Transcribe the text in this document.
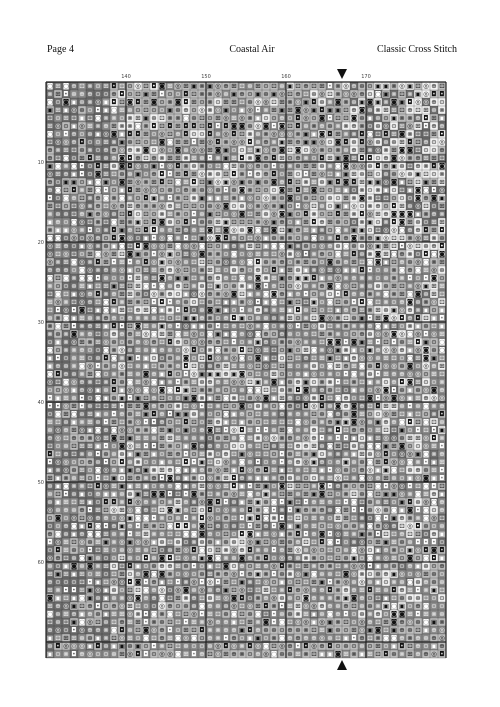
Page 4	Coastal Air	Classic Cross Stitch
◙ ⊞ ◙ ⊕ ⊡ ⊗ ⊙ ⊞ ◘ ⊡ ⊙ ◎ ⊡ ◘ ◙ ⊞ ◎ ⊞ ▣ ⊗ ▣ ◎ ⊕ ⊞ ⊡ ⊛ ⊞ ⊙ ⊡ ⊛ ▣ ⊡ ⊕ ⊡ ⊞ ◘ ⊗ ◎ ⊕ ⊛ ⊙ ▣ ▣ ⊗ ◎ ▣ ⊡ ◎ ⊕ ⊡
⊗ ⊞ ◘ ⊛ ⊕ ⊕ ⊙ ⊙ ⊕ ◘ ⊙ ⊡ ▣ ⊞ ◘ ⊙ ⊙ ◘ ⊡ ⊗ ⊗ ◎ ⊛ ▣ ⊕ ⊙ ▣ ⊛ ▣ ◎ ⊡ ⊕ ⊡ ⊛ ◎ ⊡ ⊗ ◎ ◎ ⊕ ⊙ ◙ ▣ ⊗ ⊡ ⊗ ▣ ◎ ◘ ◘
◙ ⊙ ◙ ▣ ⊛ ⊗ ◎ ▣ ◘ ⊡ ◙ ◘ ⊞ ◙ ⊙ ⊗ ◙ ◘ ⊞ ⊙ ⊗ ⊙ ⊞ ⊞ ⊡ ⊛ ◎ ◎ ⊡ ⊞ ⊗ ◎ ▣ ◘ ⊛ ⊗ ◙ ⊗ ⊛ ▣ ◙ ▣ ⊗ ◙ ▣ ◘ ◎ ◎ ⊕ ⊙
▣ ⊞ ▣ ◎ ⊛ ⊙ ◘ ▣ ◙ ⊞ ⊛ ⊙ ⊡ ⊙ ⊙ ▣ ⊛ ⊕ ⊙ ◎ ⊗ ◎ ▣ ⊙ ▣ ◎ ◘ ⊗ ⊞ ▣ ⊞ ◙ ◎ ▣ ◘ ▣ ▣ ⊡ ⊕ ◙ ⊛ ⊗ ⊞ ⊞ ⊡ ⊕ ⊡ ⊞ ⊛ ⊗
⊡ ⊙ ⊞ ⊡ ▣ ⊡ ◙ ⊗ ⊗ ⊙ ⊗ ⊞ ▣ ⊛ ⊡ ⊗ ⊗ ◙ ⊛ ⊡ ⊙ ⊞ ◎ ⊞ ◎ ⊗ ▣ ⊙ ⊙ ⊕ ⊙ ◘ ◎ ⊙ ◙ ◘ ⊡ ⊡ ◙ ⊛ ▣ ⊛ ⊙ ▣ ⊗ ⊗ ⊕ ◘ ⊞ ▣
⊞ ◎ ⊙ ▣ ◎ ⊞ ⊗ ⊕ ⊞ ⊗ ⊗ ◙ ⊗ ◘ ⊡ ◘ ⊞ ◘ ◘ ⊡ ◘ ◘ ◘ ◙ ◙ ⊛ ◎ ◙ ◘ ◙ ⊡ ◘ ⊛ ⊗ ⊕ ⊛ ⊗ ⊗ ⊕ ⊗ ⊙ ⊛ ◎ ⊙ ⊞ ◎ ⊞ ◘ ⊕ ⊕
◙ ⊙ ◘ ⊕ ⊙ ⊛ ▣ ◎ ◙ ▣ ◘ ◘ ⊞ ⊙ ◎ ⊡ ⊕ ◘ ⊙ ⊙ ◘ ⊛ ◎ ◘ ⊡ ⊗ ⊛ ⊗ ◎ ◎ ◎ ⊗ ▣ ▣ ◙ ◘ ⊞ ⊗ ⊗ ◘ ◙ ⊡ ◘ ⊞ ◙ ⊗ ⊡ ⊡ ⊞ ◘
⊡ ◎ ◎ ⊕ ◘ ⊙ ⊙ ⊞ ⊗ ▣ ⊛ ⊡ ⊙ ⊡ ◙ ◙ ⊞ ⊞ ◘ ⊞ ◎ ◘ ⊗ ◎ ◎ ◘ ⊛ ⊕ ⊗ ▣ ⊞ ⊕ ▣ ▣ ◎ ⊙ ◙ ◘ ⊛ ◘ ◎ ⊛ ⊛ ⊛ ⊞ ◘ ⊡ ⊕ ⊙ ◎
⊕ ⊗ ⊞ ⊡ ⊛ ⊗ ⊙ ⊕ ⊕ ◎ ⊕ ⊗ ◙ ⊙ ◎ ⊙ ◙ ⊛ ◎ ◎ ⊞ ◙ ▣ ⊙ ⊙ ⊞ ▣ ◎ ⊕ ◙ ⊡ ◙ ⊙ ◎ ⊗ ⊙ ⊗ ⊛ ⊕ ⊞ ⊗ ◎ ⊗ ⊞ ◙ ◙ ⊡ ⊙ ⊙ ⊕
⊕ ⊡ ◙ ⊙ ⊞ ◘ ⊞ ⊛ ⊕ ◙ ◘ ⊕ ⊡ ⊕ ⊗ ⊞ ⊞ ⊗ ⊞ ⊛ ◘ ⊗ ▣ ⊞ ◘ ⊗ ◙ ⊕ ◘ ⊞ ⊙ ⊕ ⊗ ⊙ ◘ ⊞ ▣ ◙ ⊞ ◘ ◘ ⊙ ⊕ ◙ ◎ ⊗ ⊕ ⊞ ⊞ ⊡
▣ ◙ ⊗ ◙ ◘ ⊙ ◘ ⊞ ⊛ ◙ ◘ ◎ ⊙ ▣ ◘ ◎ ◘ ⊗ ⊛ ⊗ ⊙ ⊡ ◙ ⊞ ⊛ ◎ ⊕ ⊛ ◘ ⊙ ⊗ ⊛ ⊞ ⊞ ⊛ ⊗ ◙ ◙ ◎ ◎ ⊛ ◘ ⊕ ▣ ⊛ ⊡ ⊕ ⊗ ◘ ◙
◎ ⊞ ⊕ ▣ ◘ ⊙ ◙ ⊞ ⊡ ⊛ ⊛ ▣ ⊙ ⊕ ◘ ◘ ⊞ ◘ ⊞ ◎ ⊗ ⊛ ⊡ ◘ ⊗ ◘ ⊕ ⊕ ◘ ⊙ ⊞ ⊙ ◘ ⊞ ◎ ⊡ ▣ ▣ ⊞ ⊛ ⊡ ⊙ ⊛ ⊛ ◎ ⊛ ▣ ⊡ ⊙ ⊗
⊕ ⊙ ▣ ▣ ⊙ ▣ ◙ ▣ ⊙ ◙ ⊞ ◎ ⊗ ⊞ ◘ ⊡ ◙ ⊞ ◘ ⊡ ▣ ◎ ▣ ◎ ▣ ⊛ ▣ ⊛ ◙ ⊕ ◘ ⊡ ⊗ ⊞ ⊛ ▣ ◘ ◙ ◘ ⊞ ▣ ▣ ◎ ◙ ▣ ⊡ ⊡ ▣ ⊞ ⊞
⊕ ◙ ⊡ ◘ ⊗ ⊞ ◙ ◘ ⊙ ▣ ◘ ⊞ ◎ ◎ ⊙ ⊛ ⊙ ⊕ ⊗ ⊛ ◎ ⊛ ◘ ⊛ ◙ ⊗ ⊡ ⊙ ⊙ ◙ ⊞ ◘ ⊞ ◙ ⊡ ⊙ ⊞ ▣ ⊙ ⊗ ⊙ ⊗ ▣ ⊙ ⊡ ▣ ◙ ◙ ◘ ◎
◘ ⊙ ◙ ⊕ ⊡ ⊗ ⊕ ◙ ⊗ ◙ ⊗ ⊙ ◘ ▣ ⊗ ◘ ⊗ ⊡ ⊗ ▣ ▣ ▣ ⊞ ⊗ ▣ ◎ ⊙ ◎ ⊗ ⊛ ◙ ⊙ ⊛ ⊡ ⊙ ⊛ ⊙ ⊞ ⊗ ◙ ⊗ ⊡ ⊡ ⊙ ⊙ ⊙ ◙ ⊕ ◙ ▣
⊞ ⊡ ⊙ ⊡ ◎ ⊗ ⊕ ⊡ ◎ ⊕ ⊞ ⊕ ⊗ ⊗ ◎ ⊕ ⊞ ⊡ ⊡ ⊙ ⊛ ◎ ◙ ⊙ ⊛ ◎ ⊗ ◎ ⊗ ▣ ⊙ ◘ ◎ ⊡ ⊛ ⊙ ▣ ▣ ◎ ⊙ ⊗ ⊕ ⊙ ◘ ⊞ ⊛ ◎ ⊡ ⊙ ⊞
⊗ ⊛ ⊛ ⊡ ⊕ ▣ ⊕ ◎ ⊛ ⊡ ◘ ⊙ ⊡ ⊙ ⊗ ⊞ ⊗ ⊙ ◘ ⊛ ▣ ⊡ ⊙ ◎ ◙ ⊡ ⊞ ⊛ ◎ ◙ ▣ ⊙ ◘ ⊗ ⊙ ⊡ ◘ ⊞ ⊗ ◘ ◎ ⊞ ⊕ ◙ ◙ ◙ ▣ ⊗ ⊕ ⊗
▣ ⊕ ⊙ ◙ ◎ ⊡ ⊗ ⊡ ◙ ⊞ ⊗ ▣ ⊡ ◘ ◙ ⊛ ⊙ ◘ ◘ ⊛ ⊛ ⊞ ▣ ⊡ ⊡ ⊡ ⊗ ◎ ▣ ⊕ ⊙ ▣ ⊞ ◘ ⊕ ⊞ ⊛ ⊙ ⊙ ⊗ ▣ ⊙ ⊗ ◘ ◙ ⊞ ⊛ ⊙ ⊞ ⊞
⊗ ▣ ▣ ◎ ⊗ ◘ ⊙ ⊗ ◘ ▣ ⊕ ⊡ ◘ ◘ ⊛ ⊕ ⊞ ⊕ ⊕ ⊞ ◙ ⊞ ◙ ◎ ⊛ ◙ ◙ ⊞ ◙ ⊡ ▣ ⊕ ⊞ ▣ ⊗ ⊙ ◙ ⊗ ▣ ▣ ⊙ ⊡ ◎ ◎ ◙ ⊕ ⊕ ◘ ⊞ ◘
◙ ◙ ⊙ ◎ ⊙ ◎ ⊕ ⊙ ◘ ◙ ◎ ⊙ ▣ ◘ ◎ ◙ ⊗ ◘ ⊡ ▣ ◎ ◙ ◘ ⊕ ⊙ ⊡ ◎ ▣ ⊛ ⊗ ⊗ ⊙ ⊛ ◙ ⊙ ⊗ ◘ ⊕ ◙ ⊗ ⊕ ▣ ◎ ⊡ ⊡ ⊗ ◎ ⊞ ⊗ ⊛
◎ ⊞ ⊕ ⊙ ▣ ◎ ⊗ ⊛ ▣ ◙ ⊡ ◘ ◙ ◎ ◎ ⊞ ◙ ◎ ◎ ◙ ⊡ ⊙ ▣ ⊕ ⊗ ⊞ ⊡ ▣ ◙ ◙ ▣ ⊗ ⊛ ⊙ ◎ ⊕ ⊛ ◙ ⊛ ⊛ ◎ ▣ ⊞ ⊡ ◘ ◎ ⊡ ⊛ ⊕ ◘
◎ ⊡ ◎ ⊡ ⊙ ⊞ ◙ ◎ ⊞ ⊡ ◙ ▣ ⊛ ◘ ◎ ▣ ⊙ ⊞ ◎ ◙ ⊗ ⊗ ⊙ ◙ ⊙ ◎ ⊞ ⊞ ⊡ ◎ ⊗ ◎ ◘ ⊗ ⊕ ⊙ ◙ ⊞ ◘ ⊛ ⊗ ◙ ⊞ ◙ ⊕ ⊗ ⊙ ◘ ◙ ◙
◎ ⊗ ⊞ ◙ ◎ ⊗ ◘ ⊞ ◘ ⊞ ◘ ⊕ ◘ ◎ ▣ ⊙ ◎ ⊛ ⊡ ⊡ ⊡ ⊛ ◎ ⊕ ◎ ◙ ◘ ⊛ ⊗ ⊕ ⊙ ⊗ ⊞ ⊛ ⊙ ◙ ⊛ ⊕ ⊞ ⊡ ◙ ◙ ▣ ⊡ ⊕ ⊛ ◎ ◙ ⊗ ⊞
⊕ ⊕ ⊕ ⊙ ◙ ◎ ⊗ ⊕ ⊕ ◎ ▣ ⊙ ⊞ ⊞ ⊕ ⊕ ◎ ⊡ ⊙ ⊗ ⊞ ⊞ ⊙ ⊛ ⊕ ⊙ ⊕ ⊙ ◘ ▣ ⊞ ⊛ ▣ ⊗ ◎ ⊞ ◎ ▣ ▣ ◘ ◘ ⊙ ⊛ ⊗ ◙ ⊕ ◙ ⊞ ◎ ⊛
◙ ⊡ ◙ ⊗ ◙ ◙ ◘ ⊛ ⊙ ⊙ ◘ ⊞ ⊕ ⊞ ◙ ⊕ ▣ ▣ ⊡ ⊗ ⊕ ⊕ ⊕ ⊡ ◙ ⊕ ◙ ⊗ ⊞ ▣ ⊕ ▣ ▣ ◘ ▣ ⊛ ◎ ⊗ ⊕ ⊗ ⊗ ⊙ ⊛ ⊗ ⊗ ◘ ⊙ ◘ ◙ ⊙
⊗ ⊙ ⊙ ⊛ ⊞ ▣ ⊡ ⊞ ▣ ⊞ ⊡ ⊞ ◙ ◘ ◙ ⊛ ⊕ ⊡ ⊗ ⊛ ⊡ ▣ ⊙ ⊛ ⊗ ▣ ◙ ◘ ⊕ ⊡ ⊙ ◎ ⊛ ⊗ ⊕ ◙ ◙ ◎ ⊡ ⊗ ⊛ ⊛ ⊛ ⊞ ⊡ ⊗ ◎ ▣ ⊞ ⊞
⊡ ◙ ⊡ ▣ ◎ ⊕ ◘ ⊗ ⊕ ⊞ ⊞ ⊛ ⊙ ◎ ⊗ ⊕ ⊙ ▣ ◎ ◎ ⊕ ⊗ ◎ ◙ ⊡ ▣ ⊗ ◙ ◙ ⊕ ▣ ⊕ ◘ ⊙ ⊛ ⊙ ◘ ◘ ⊕ ⊕ ⊗ ⊗ ◙ ⊗ ⊞ ◙ ◙ ⊛ ⊞ ⊡
⊞ ◎ ⊗ ⊡ ◎ ⊕ ⊡ ◙ ◘ ⊗ ⊞ ⊗ ⊡ ◘ ◘ ◘ ⊕ ⊛ ⊙ ⊡ ⊛ ⊡ ▣ ▣ ⊗ ◎ ◘ ▣ ◙ ⊡ ▣ ⊡ ⊡ ▣ ⊙ ◙ ⊡ ⊛ ◘ ◘ ◙ ⊡ ⊗ ⊙ ⊕ ◙ ⊛ ⊗ ◎ ⊡
⊡ ◘ ◎ ◘ ◙ ⊡ ▣ ◙ ▣ ⊞ ⊡ ⊕ ⊞ ◙ ▣ ⊗ ◘ ◘ ⊙ ⊛ ◙ ▣ ▣ ⊙ ◘ ⊛ ⊕ ⊗ ⊗ ⊞ ▣ ◘ ⊛ ⊡ ⊙ ⊡ ▣ ⊕ ⊕ ⊞ ⊗ ⊞ ⊛ ▣ ◎ ⊕ ⊗ ▣ ⊙ ▣
⊛ ⊗ ◙ ▣ ⊞ ⊛ ⊗ ⊕ ⊕ ⊙ ⊕ ⊗ ⊗ ⊛ ⊡ ⊙ ⊡ ▣ ▣ ⊕ ⊗ ⊙ ⊕ ◘ ▣ ⊙ ⊛ ⊛ ⊛ ⊗ ⊞ ⊙ ⊗ ⊡ ◙ ◎ ⊗ ⊡ ⊛ ▣ ◘ ⊞ ◙ ◎ ◘ ⊕ ◘ ⊡ ▣ ◘
⊗ ◙ ⊞ ◘ ⊗ ⊕ ⊞ ▣ ◘ ◘ ⊡ ◙ ⊞ ⊛ ▣ ⊕ ◘ ◎ ▣ ▣ ⊛ ◘ ⊡ ⊕ ⊡ ◎ ⊗ ◙ ⊙ ⊗ ◎ ◘ ⊞ ◎ ⊛ ⊡ ⊗ ⊗ ⊗ ⊗ ⊕ ◙ ▣ ⊞ ⊙ ⊗ ▣ ⊛ ⊡ ▣
⊗ ⊛ ⊗ ◙ ⊗ ⊕ ⊡ ⊙ ⊕ ⊕ ⊕ ⊞ ◎ ◙ ⊞ ⊞ ◙ ⊞ ◎ ⊙ ◙ ▣ ▣ ◙ ⊕ ◎ ◙ ⊕ ⊙ ⊕ ⊛ ⊙ ⊕ ⊡ ⊞ ⊗ ⊗ ⊙ ⊙ ⊕ ⊛ ◎ ◎ ◙ ◎ ◙ ◎ ◘ ◎ ⊞
⊙ ▣ ⊗ ◎ ⊞ ⊗ ⊞ ◎ ⊛ ⊙ ⊛ ⊕ ◎ ⊕ ⊡ ◘ ⊕ ⊙ ◎ ◎ ⊕ ⊕ ⊡ ◘ ⊙ ⊗ ▣ ⊕ ⊙ ⊗ ⊛ ◎ ⊗ ⊗ ⊡ ◙ ◙ ◘ ◙ ▣ ⊞ ◘ ⊡ ◘ ⊛ ⊞ ◘ ▣ ⊙ ◙
◙ ⊙ ⊗ ⊗ ⊕ ⊙ ⊙ ◙ ⊗ ◎ ⊛ ⊞ ⊛ ▣ ⊕ ⊛ ⊙ ◎ ◘ ⊙ ⊗ ◙ ⊗ ⊛ ◘ ⊡ ◎ ⊞ ⊡ ⊙ ▣ ⊙ ⊞ ◙ ⊗ ◎ ▣ ⊗ ▣ ⊙ ▣ ⊕ ◎ ◎ ⊕ ▣ ◎ ◙ ⊛ ◙
▣ ◘ ⊙ ⊛ ⊞ ⊙ ⊛ ◘ ◙ ⊗ ▣ ◘ ▣ ⊙ ⊙ ⊛ ⊛ ◙ ⊙ ⊡ ◘ ◎ ⊗ ◎ ◙ ⊙ ◙ ▣ ⊡ ⊙ ⊡ ⊡ ⊕ ⊡ ⊞ ▣ ⊡ ▣ ⊕ ◎ ◎ ⊛ ⊞ ⊡ ⊙ ◙ ⊞ ◙ ▣ ⊡
▣ ⊕ ⊛ ⊗ ◙ ◎ ◘ ⊛ ⊕ ◎ ⊡ ⊛ ▣ ⊡ ⊛ ⊗ ⊕ ◘ ⊡ ⊙ ⊛ ⊕ ⊞ ⊞ ⊞ ◎ ⊡ ◎ ⊡ ⊡ ⊞ ⊙ ⊗ ⊛ ⊙ ◙ ⊞ ⊕ ⊞ ◙ ⊛ ◘ ◎ ◎ ⊛ ◙ ⊙ ◎ ⊕ ⊞
◙ ◘ ⊕ ⊛ ⊗ ⊞ ◙ ⊙ ⊗ ⊗ ⊞ ⊛ ◙ ⊕ ▣ ◘ ⊙ ◘ ◎ ▣ ▣ ▣ ⊕ ▣ ◙ ⊙ ⊡ ⊙ ⊞ ⊙ ⊙ ⊕ ▣ ◎ ⊙ ⊗ ⊙ ◘ ◙ ⊗ ⊛ ◘ ⊞ ⊕ ⊕ ◎ ◎ ⊙ ⊞ ⊡
◎ ⊡ ◙ ◎ ⊕ ⊗ ⊡ ⊗ ◘ ⊛ ◙ ⊞ ◎ ◙ ▣ ⊗ ◘ ⊗ ⊞ ⊛ ⊕ ⊕ ⊞ ◎ ◎ ⊡ ▣ ⊗ ◙ ▣ ⊛ ⊕ ▣ ⊙ ⊗ ⊗ ◘ ⊡ ⊗ ⊡ ▣ ⊗ ⊙ ⊕ ◘ ◙ ⊞ ⊙ ⊙ ⊗
⊙ ⊙ ◎ ▣ ⊕ ◎ ▣ ⊛ ◘ ▣ ◎ ◎ ◙ ◎ ◙ ◙ ◘ ▣ ⊡ ⊗ ⊗ ⊛ ⊙ ⊙ ⊛ ◙ ◙ ⊡ ⊡ ⊛ ⊗ ◘ ◙ ⊛ ⊕ ⊛ ⊡ ⊙ ▣ ⊛ ⊙ ◎ ◙ ◘ ⊛ ▣ ⊛ ◎ ◙ ⊕
◘ ▣ ⊞ ⊛ ◘ ⊙ ◙ ▣ ⊛ ▣ ◘ ▣ ⊡ ⊕ ⊡ ⊙ ⊙ ▣ ◙ ⊗ ▣ ⊞ ◙ ⊗ ⊡ ⊛ ◎ ◙ ▣ ⊞ ⊕ ⊙ ◎ ⊗ ◘ ⊡ ◙ ⊕ ⊙ ⊡ ◙ ◘ ◎ ◙ ◎ ▣ ⊞ ⊕ ◎ ◎
◘ ◘ ◎ ⊞ ◘ ⊛ ⊡ ⊡ ⊞ ◘ ⊞ ⊞ ◙ ⊕ ⊕ ⊙ ⊗ ⊡ ◎ ◘ ⊡ ⊗ ⊡ ⊙ ◙ ⊙ ⊛ ⊗ ⊙ ◙ ⊕ ⊙ ◘ ◎ ◘ ⊛ ◙ ⊕ ◙ ⊕ ⊡ ◘ ⊞ ⊞ ⊛ ◘ ⊛ ◙ ⊗ ⊕
⊙ ◙ ⊞ ◙ ⊛ ⊞ ▣ ⊛ ◘ ⊕ ⊛ ⊞ ▣ ◘ ⊕ ◘ ▣ ▣ ⊛ ⊗ ⊙ ⊙ ◙ ▣ ⊕ ⊙ ⊡ ⊞ ⊗ ⊕ ⊗ ⊕ ⊗ ⊡ ⊛ ◙ ⊕ ⊛ ◙ ⊞ ⊙ ⊙ ◎ ⊞ ⊡ ▣ ⊡ ⊙ ⊗ ◘
⊞ ⊡ ⊛ ▣ ⊗ ⊞ ⊛ ◘ ⊞ ⊡ ⊗ ◎ ◘ ◘ ⊕ ⊙ ⊡ ◘ ⊡ ⊙ ⊞ ⊕ ▣ ⊡ ▣ ⊛ ⊙ ⊡ ⊞ ⊡ ⊡ ◙ ◎ ⊛ ⊗ ⊕ ▣ ▣ ◙ ◎ ⊛ ▣ ⊕ ⊕ ◙ ◘ ⊡ ◙ ⊡ ⊛
⊛ ◎ ⊕ ⊞ ◎ ▣ ◙ ⊕ ◙ ◎ ◎ ⊗ ⊗ ◙ ⊞ ▣ ⊙ ▣ ⊙ ⊕ ◙ ⊞ ◘ ◎ ◘ ⊞ ◘ ◘ ⊛ ⊞ ◙ ⊛ ⊛ ⊕ ⊡ ⊗ ◘ ⊡ ⊕ ⊕ ⊙ ⊞ ⊡ ⊡ ▣ ⊙ ◘ ⊡ ◘ ▣
⊕ ◎ ⊡ ⊕ ⊕ ⊗ ◎ ⊞ ◙ ⊞ ▣ ⊞ ⊞ ⊛ ⊞ ⊞ ⊞ ⊗ ⊛ ⊗ ⊙ ⊛ ⊞ ⊛ ◙ ⊞ ⊗ ◎ ◎ ⊗ ⊕ ⊕ ◎ ⊕ ◘ ⊗ ◘ ◘ ▣ ⊙ ▣ ⊞ ◎ ◎ ⊛ ⊞ ⊞ ◎ ◘ ⊗
⊡ ⊙ ⊛ ⊡ ⊞ ⊞ ▣ ◘ ⊙ ◙ ◎ ⊞ ◘ ◘ ⊞ ⊗ ⊙ ▣ ◙ ⊕ ⊕ ⊕ ⊙ ⊙ ⊙ ⊕ ⊡ ⊡ ⊛ ⊞ ⊡ ⊕ ⊕ ⊞ ⊛ ◙ ⊞ ⊡ ⊛ ⊕ ◙ ◙ ▣ ⊞ ◙ ⊙ ⊙ ◎ ⊞ ◘
◘ ⊡ ⊕ ⊡ ⊗ ⊛ ◘ ⊛ ⊛ ⊛ ▣ ▣ ⊞ ▣ ⊙ ⊞ ⊕ ◘ ⊙ ⊞ ⊗ ⊙ ⊕ ⊡ ▣ ◎ ⊡ ⊡ ⊙ ◘ ⊛ ⊞ ⊗ ▣ ⊙ ⊗ ⊗ ⊗ ▣ ⊞ ⊛ ◎ ◘ ⊙ ◎ ◎ ▣ ◙ ⊗ ⊕
◘ ◎ ◎ ⊙ ⊙ ⊕ ⊛ ◘ ⊙ ◘ ⊛ ⊗ ⊙ ⊙ ▣ ⊛ ⊡ ◘ ◘ ▣ ⊡ ⊙ ◎ ⊗ ◙ ⊛ ◘ ⊙ ⊕ ◘ ⊕ ⊕ ◎ ▣ ⊕ ⊙ ⊕ ▣ ⊛ ⊛ ◙ ⊞ ◘ ◎ ◎ ◙ ⊗ ◘ ▣ ⊞
▣ ⊗ ◎ ⊛ ⊞ ⊙ ◙ ◎ ⊕ ▣ ▣ ⊕ ▣ ⊗ ⊞ ⊕ ◙ ▣ ▣ ⊕ ⊛ ◎ ⊞ ▣ ◘ ◎ ⊕ ◘ ⊞ ▣ ⊡ ⊛ ⊡ ⊞ ▣ ◘ ◎ ⊛ ⊙ ⊕ ◎ ▣ ▣ ◙ ⊡ ⊛ ⊕ ⊛ ⊞ ◘
⊞ ▣ ⊗ ⊛ ⊞ ⊙ ◘ ⊡ ▣ ⊙ ⊞ ⊕ ⊗ ⊕ ◘ ◙ ⊛ ▣ ⊗ ⊙ ◎ ⊗ ⊞ ◘ ⊕ ⊗ ▣ ▣ ⊗ ⊕ ⊛ ⊛ ⊙ ⊙ ⊗ ⊞ ◎ ⊡ ⊗ ◙ ◎ ⊕ ⊞ ⊛ ⊙ ▣ ◎ ◙ ▣ ◘
⊛ ▣ ◙ ⊗ ⊗ ⊡ ◘ ◎ ⊞ ▣ ▣ ⊞ ▣ ⊙ ⊕ ⊕ ◙ ▣ ⊕ ⊞ ◎ ◎ ⊞ ◘ ▣ ◘ ⊞ ▣ ⊙ ◙ ⊡ ⊡ ⊡ ⊗ ◙ ◘ ⊕ ⊗ ⊙ ⊕ ⊡ ◙ ◘ ◎ ◎ ◘ ⊡ ◙ ◘ ⊡
⊛ ⊡ ◘ ⊛ ▣ ⊙ ⊕ ▣ ▣ ⊛ ⊛ ▣ ⊞ ◙ ◙ ◘ ⊡ ◘ ◙ ⊗ ⊡ ⊗ ⊛ ◎ ⊞ ◙ ⊕ ▣ ⊗ ⊡ ⊞ ⊛ ⊞ ▣ ◙ ⊡ ⊙ ⊗ ⊡ ⊛ ◙ ⊡ ▣ ▣ ◎ ⊗ ◙ ⊞ ⊕ ▣
⊛ ▣ ⊞ ⊡ ⊞ ▣ ⊙ ◘ ◘ ⊗ ◘ ◎ ⊕ ⊗ ⊙ ⊗ ⊞ ⊕ ⊗ ◎ ◙ ◘ ◘ ⊛ ▣ ⊞ ▣ ⊛ ◙ ◘ ▣ ⊡ ◘ ⊕ ⊞ ⊕ ⊡ ◘ ◙ ⊡ ⊛ ⊛ ⊞ ⊙ ▣ ◘ ⊛ ◎ ◙ ⊕
◎ ⊛ ⊕ ⊛ ⊕ ◘ ⊞ ⊡ ◎ ⊞ ◎ ◙ ⊕ ⊡ ⊡ ◙ ▣ ⊕ ⊡ ⊙ ◘ ⊙ ◎ ⊗ ⊛ ◘ ⊗ ◙ ◘ ⊗ ◘ ▣ ⊕ ⊗ ⊕ ⊛ ◙ ⊞ ◘ ◘ ⊛ ◎ ⊛ ◙ ▣ ◙ ◘ ◙ ⊙ ⊕
⊙ ◙ ⊙ ◎ ⊡ ◎ ⊕ ⊕ ⊙ ◎ ▣ ◙ ◙ ◘ ⊗ ⊙ ⊛ ◘ ⊗ ◘ ◎ ⊙ ⊕ ⊡ ◘ ▣ ◘ ◙ ⊗ ◘ ⊡ ⊡ ⊙ ⊞ ⊕ ⊙ ⊞ ⊞ ⊡ ⊗ ⊙ ◙ ◘ ▣ ⊕ ⊗ ⊗ ◙ ◎ ⊡
⊙ ⊙ ⊕ ◙ ▣ ◘ ◙ ◘ ⊕ ▣ ⊕ ◘ ⊞ ⊗ ⊡ ◙ ◘ ◘ ⊛ ◙ ⊡ ⊕ ⊙ ⊛ ⊡ ◘ ⊞ ⊕ ◘ ◙ ▣ ▣ ⊕ ⊞ ⊙ ⊡ ◎ ⊛ ⊛ ⊗ ◙ ⊕ ◎ ⊕ ⊡ ◎ ◘ ⊛ ⊙ ⊛
⊕ ◙ ⊛ ▣ ⊕ ◙ ◙ ⊞ ⊛ ⊗ ◘ ⊞ ⊞ ⊗ ⊕ ⊡ ⊡ ◙ ◙ ◙ ⊕ ⊙ ⊡ ⊙ ◘ ◙ ▣ ⊞ ◎ ▣ ⊗ ◘ ◘ ⊕ ◙ ◘ ◎ ⊞ ⊗ ▣ ⊗ ◘ ⊡ ⊡ ⊕ ⊡ ⊡ ⊙ ⊕ ▣
◘ ◎ ⊞ ⊡ ◎ ⊛ ⊞ ▣ ⊗ ◎ ▣ ◎ ◎ ▣ ⊛ ⊡ ⊛ ⊙ ⊗ ⊛ ⊛ ▣ ⊛ ⊛ ⊡ ◎ ▣ ⊡ ◎ ⊞ ⊛ ⊕ ⊡ ⊡ ◘ ◙ ◘ ⊙ ⊗ ◎ ⊙ ⊞ ▣ ⊞ ⊛ ⊛ ◘ ◘ ◘ ⊙
⊙ ◘ ⊞ ⊛ ⊙ ◘ ⊡ ⊞ ⊙ ⊛ ◎ ⊞ ⊛ ⊡ ⊙ ⊛ ⊞ ◎ ◘ ◙ ⊙ ⊡ ⊗ ◎ ⊕ ◘ ⊗ ⊛ ◘ ⊕ ⊞ ◎ ⊛ ◎ ⊙ ⊡ ⊙ ⊛ ◙ ◎ ⊙ ▣ ⊕ ⊗ ⊙ ▣ ◎ ◘ ◙ ◘
◎ ⊕ ⊡ ⊛ ◙ ▣ ⊛ ⊙ ⊙ ⊡ ⊛ ⊙ ◘ ⊛ ◙ ◘ ⊡ ◎ ⊕ ▣ ◙ ◙ ⊗ ⊛ ◙ ⊕ ⊗ ◘ ⊙ ◎ ⊕ ⊛ ⊗ ⊗ ⊙ ⊡ ⊡ ⊛ ▣ ⊙ ◙ ⊗ ◎ ⊞ ⊙ ◙ ⊙ ◙ ◘ ▣
⊛ ⊙ ▣ ◙ ⊛ ◙ ⊗ ⊞ ⊙ ⊡ ◘ ▣ ⊙ ⊛ ⊕ ⊕ ⊞ ⊛ ◘ ⊙ ▣ ⊡ ◙ ⊙ ⊕ ⊙ ⊞ ⊕ ◎ ◘ ⊗ ⊡ ⊞ ⊗ ⊕ ⊗ ⊡ ⊗ ◎ ◎ ◘ ▣ ⊛ ⊛ ⊙ ⊕ ▣ ⊛ ⊙ ⊕
⊞ ▣ ⊞ ▣ ⊞ ⊙ ⊞ ⊙ ⊡ ⊞ ⊙ ⊕ ◙ ◙ ◙ ⊗ ⊙ ◎ ⊙ ⊛ ⊞ ⊗ ⊕ ◎ ◘ ⊕ ▣ ⊗ ◘ ⊛ ⊗ ◎ ▣ ◙ ⊛ ⊛ ⊡ ◙ ◎ ⊗ ⊙ ⊛ ⊕ ▣ ◎ ⊙ ◎ ⊞ ⊛ ⊙
⊕ ⊙ ⊙ ⊙ ⊡ ◘ ▣ ⊡ ◎ ◎ ◘ ◙ ◘ ⊕ ▣ ⊡ ◘ ⊗ ◎ ◘ ◎ ◘ ⊞ ⊡ ▣ ⊗ ⊡ ◎ ⊙ ▣ ⊙ ⊡ ⊡ ⊞ ▣ ◘ ⊗ ◎ ⊛ ◎ ⊛ ▣ ⊙ ⊗ ⊛ ◙ ⊛ ⊕ ⊛ ⊛
⊞ ⊗ ◘ ◘ ⊞ ▣ ◎ ▣ ⊛ ⊙ ⊡ ⊡ ◙ ⊕ ◎ ⊙ ◎ ◙ ⊛ ◎ ⊛ ⊕ ▣ ⊡ ◎ ⊡ ⊡ ⊞ ⊡ ⊗ ◘ ⊕ ◎ ⊕ ⊕ ◘ ⊗ ⊕ ⊕ ⊞ ◘ ⊞ ⊛ ◘ ⊕ ⊞ ◘ ⊗ ▣ ⊡
◙ ▣ ⊡ ▣ ◙ ▣ ⊛ ▣ ⊛ ⊗ ◎ ◙ ⊕ ⊕ ◙ ⊡ ⊞ ⊗ ⊕ ⊡ ⊛ ⊞ ◎ ◙ ◘ ⊙ ⊗ ⊕ ◎ ⊛ ⊛ ⊙ ◙ ⊕ ⊗ ⊗ ⊗ ▣ ◙ ⊕ ⊙ ⊡ ▣ ⊡ ⊛ ⊛ ⊛ ⊡ ⊙ ⊙
⊞ ⊕ ◎ ▣ ⊡ ⊕ ◘ ⊙ ⊕ ◎ ⊞ ⊡ ⊙ ⊙ ◎ ⊕ ⊙ ⊛ ⊛ ◙ ⊕ ⊛ ⊛ ◎ ⊡ ◎ ⊞ ◘ ⊗ ◘ ⊞ ⊞ ◎ ◎ ⊕ ⊕ ⊛ ⊕ ⊡ ⊛ ⊛ ⊗ ▣ ◙ ▣ ⊙ ⊕ ◙ ⊙ ⊙
◙ ⊛ ⊞ ⊕ ▣ ⊕ ⊛ ▣ ⊞ ⊞ ◎ ⊗ ◘ ◙ ⊗ ◙ ⊡ ⊡ ◎ ◘ ⊞ ⊡ ⊛ ◙ ⊡ ⊛ ◙ ⊡ ◘ ⊛ ⊛ ⊗ ⊞ ▣ ⊛ ◙ ⊕ ◘ ⊙ ⊛ ⊗ ⊕ ⊙ ◙ ◙ ⊞ ◘ ⊞ ⊗ ⊛
⊡ ⊛ ⊡ ▣ ◙ ◎ ⊡ ⊛ ⊡ ⊕ ⊞ ⊞ ◘ ⊗ ⊛ ⊡ ⊡ ◘ ⊞ ⊗ ◎ ⊕ ⊕ ▣ ⊡ ⊞ ⊗ ◙ ◘ ◙ ⊡ ◎ ◎ ▣ ◎ ▣ ⊗ ⊡ ⊙ ◎ ⊕ ⊡ ⊞ ◙ ⊕ ◎ ⊛ ◙ ▣ ⊗
⊕ ◎ ⊙ ◘ ◎ ⊕ ⊕ ⊗ ◙ ◘ ⊛ ⊡ ◙ ◎ ⊕ ◘ ⊙ ⊞ ⊡ ◘ ⊗ ⊗ ⊕ ⊕ ▣ ◘ ⊕ ⊛ ⊛ ⊙ ⊕ ⊛ ⊗ ⊡ ⊞ ▣ ⊛ ⊙ ⊞ ◎ ▣ ◙ ⊡ ▣ ⊕ ⊛ ⊡ ▣ ⊕ ◎
▣ ⊡ ⊞ ⊞ ⊛ ⊛ ▣ ⊗ ⊡ ◎ ⊞ ⊙ ◙ ⊡ ⊕ ⊞ ◙ ◎ ◙ ⊙ ⊕ ⊗ ◘ ⊕ ⊙ ▣ ▣ ⊙ ⊗ ◙ ⊕ ⊕ ⊕ ⊕ ◎ ⊛ ⊡ ▣ ◘ ⊕ ⊡ ⊗ ◙ ◙ ⊕ ⊗ ⊕ ⊛ ⊕ ◎
⊛ ◘ ◎ ◎ ◎ ▣ ◘ ⊛ ▣ ▣ ⊛ ▣ ⊙ ◘ ⊗ ⊡ ⊡ ⊛ ⊙ ⊙ ⊛ ◎ ◘ ◎ ⊗ ◘ ◎ ◙ ⊡ ◎ ⊕ ◘ ◘ ◎ ⊕ ◘ ⊙ ⊛ ⊙ ⊛ ⊙ ⊞ ⊙ ▣ ◘ ⊡ ⊕ ⊙ ▣ ⊕
▣ ⊙ ⊗ ◘ ⊕ ◎ ⊙ ⊙ ⊛ ⊞ ◎ ◘ ◘ ⊙ ◎ ◎ ◙ ⊞ ◘ ⊕ ⊡ ◎ ⊞ ⊕ ⊗ ⊙ ⊕ ◎ ◙ ⊛ ⊛ ⊞ ⊗ ⊡ ▣ ▣ ◙ ⊞ ⊗ ▣ ⊞ ⊡ ◘ ⊛ ⊗ ⊞ ⊕ ⊕ ◎ ◘
140	150	160	170
10
20
30
40
50
60
